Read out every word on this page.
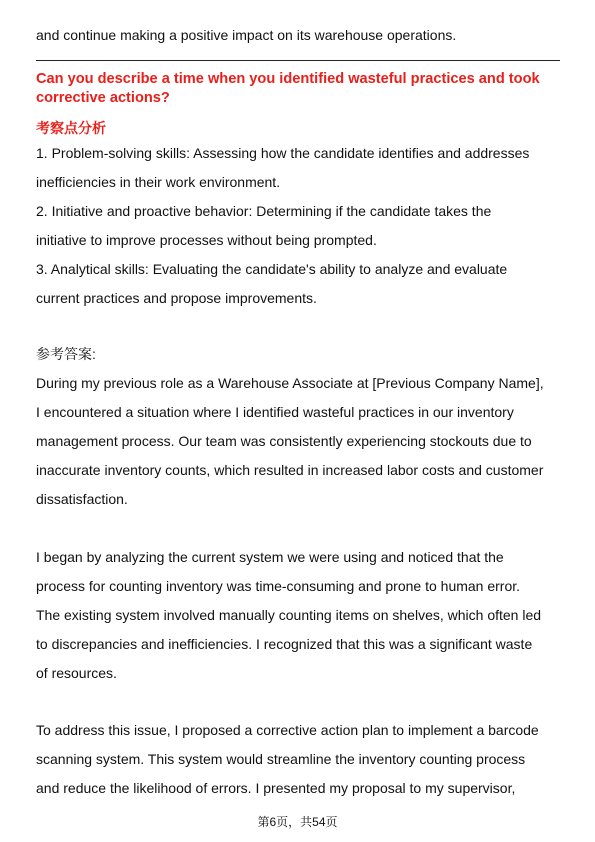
and continue making a positive impact on its warehouse operations.
Can you describe a time when you identified wasteful practices and took
corrective actions?
考察点分析
1. Problem-solving skills: Assessing how the candidate identifies and addresses
inefficiencies in their work environment.
2. Initiative and proactive behavior: Determining if the candidate takes the
initiative to improve processes without being prompted.
3. Analytical skills: Evaluating the candidate's ability to analyze and evaluate
current practices and propose improvements.
参考答案:
During my previous role as a Warehouse Associate at [Previous Company Name],
I encountered a situation where I identified wasteful practices in our inventory
management process. Our team was consistently experiencing stockouts due to
inaccurate inventory counts, which resulted in increased labor costs and customer
dissatisfaction.
I began by analyzing the current system we were using and noticed that the
process for counting inventory was time-consuming and prone to human error.
The existing system involved manually counting items on shelves, which often led
to discrepancies and inefficiencies. I recognized that this was a significant waste
of resources.
To address this issue, I proposed a corrective action plan to implement a barcode
scanning system. This system would streamline the inventory counting process
and reduce the likelihood of errors. I presented my proposal to my supervisor,
第6页，共54页
